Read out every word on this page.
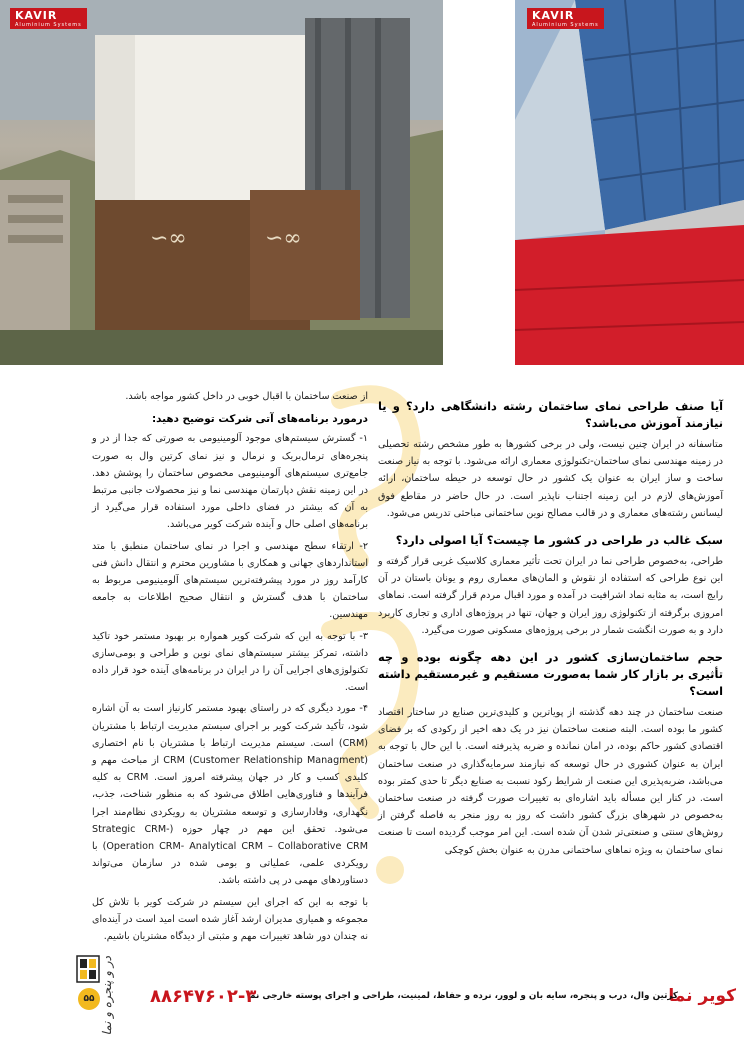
∽∞	∽∞
KAVIR
Aluminium Systems
KAVIR
Aluminium Systems
آیا صنف طراحی نمای ساختمان رشته دانشگاهی دارد؟ و یا نیازمند آموزش می‌باشد؟

متاسفانه در ایران چنین نیست، ولی در برخی کشورها به طور مشخص رشته تحصیلی در زمینه مهندسی نمای ساختمان-تکنولوژی معماری ارائه می‌شود. با توجه به نیاز صنعت ساخت و ساز ایران به عنوان یک کشور در حال توسعه در حیطه ساختمان، ارائه آموزش‌های لازم در این زمینه اجتناب ناپذیر است. در حال حاضر در مقاطع فوق لیسانس رشته‌های معماری و در قالب مصالح نوین ساختمانی مباحثی تدریس می‌شود.

سبک غالب در طراحی در کشور ما چیست؟ آیا اصولی دارد؟

طراحی، به‌خصوص طراحی نما در ایران تحت تأثیر معماری کلاسیک غربی قرار گرفته و این نوع طراحی که استفاده از نقوش و المان‌های معماری روم و یونان باستان در آن رایج است، به مثابه نماد اشرافیت در آمده و مورد اقبال مردم قرار گرفته است. نماهای امروزی برگرفته از تکنولوژی روز ایران و جهان، تنها در پروژه‌های اداری و تجاری کاربرد دارد و به صورت انگشت شمار در برخی پروژه‌های مسکونی صورت می‌گیرد.

حجم ساختمان‌سازی کشور در این دهه چگونه بوده و چه تأثیری بر بازار کار شما به‌صورت مستقیم و غیرمستقیم داشته است؟

صنعت ساختمان در چند دهه گذشته از پویاترین و کلیدی‌ترین صنایع در ساختار اقتصاد کشور ما بوده است. البته صنعت ساختمان نیز در یک دهه اخیر از رکودی که بر فضای اقتصادی کشور حاکم بوده، در امان نمانده و ضربه پذیرفته است. با این حال با توجه به ایران به عنوان کشوری در حال توسعه که نیازمند سرمایه‌گذاری در صنعت ساختمان می‌باشد، ضربه‌پذیری این صنعت از شرایط رکود نسبت به صنایع دیگر تا حدی کمتر بوده است. در کنار این مسأله باید اشاره‌ای به تغییرات صورت گرفته در صنعت ساختمان به‌خصوص در شهرهای بزرگ کشور داشت که روز به روز منجر به فاصله گرفتن از روش‌های سنتی و صنعتی‌تر شدن آن شده است. این امر موجب گردیده است تا صنعت نمای ساختمان به ویژه نماهای ساختمانی مدرن به عنوان بخش کوچکی

از صنعت ساختمان با اقبال خوبی در داخل کشور مواجه باشد.

درمورد برنامه‌های آتی شرکت توضیح دهید:
۱- گسترش سیستم‌های موجود آلومینیومی به صورتی که جدا از در و پنجره‌های ترمال‌بریک و نرمال و نیز نمای کرتین وال به صورت جامع‌تری سیستم‌های آلومینیومی مخصوص ساختمان را پوشش دهد. در این زمینه نقش دپارتمان مهندسی نما و نیز محصولات جانبی مرتبط به آن که بیشتر در فضای داخلی مورد استفاده قرار می‌گیرد از برنامه‌های اصلی حال و آینده شرکت کویر می‌باشد.
۲- ارتقاء سطح مهندسی و اجرا در نمای ساختمان منطبق با متد استانداردهای جهانی و همکاری با مشاورین محترم و انتقال دانش فنی کارآمد روز در مورد پیشرفته‌ترین سیستم‌های آلومینیومی مربوط به ساختمان با هدف گسترش و انتقال صحیح اطلاعات به جامعه مهندسین.
۳- با توجه به این که شرکت کویر همواره بر بهبود مستمر خود تاکید داشته، تمرکز بیشتر سیستم‌های نمای نوین و طراحی و بومی‌سازی تکنولوژی‌های اجرایی آن را در ایران در برنامه‌های آینده خود قرار داده است.
۴- مورد دیگری که در راستای بهبود مستمر کارنیاز است به آن اشاره شود، تأکید شرکت کویر بر اجرای سیستم مدیریت ارتباط با مشتریان (CRM) است. سیستم مدیریت ارتباط با مشتریان با نام اختصاری CRM (Customer Relationship Managment) از مباحث مهم و کلیدی کسب و کار در جهان پیشرفته امروز است. CRM به کلیه فرآیندها و فناوری‌هایی اطلاق می‌شود که به منظور شناخت، جذب، نگهداری، وفادارسازی و توسعه مشتریان به رویکردی نظام‌مند اجرا می‌شود. تحقق این مهم در چهار حوزه (Strategic CRM- Operation CRM- Analytical CRM – Collaborative CRM) با رویکردی علمی، عملیاتی و بومی شده در سازمان می‌تواند دستاوردهای مهمی در پی داشته باشد.

با توجه به این که اجرای این سیستم در شرکت کویر با تلاش کل مجموعه و همیاری مدیران ارشد آغاز شده است امید است در آینده‌ای نه چندان دور شاهد تغییرات مهم و مثبتی از دیدگاه مشتریان باشیم.

در و پنجره و نما
۵۵	کویر نما
کرتین وال، درب و پنجره، سایه بان و لوور، نرده و حفاظ، لمینیت، طراحی و اجرای پوسته خارجی نما
۸۸۶۴۷۶۰۲-۳
